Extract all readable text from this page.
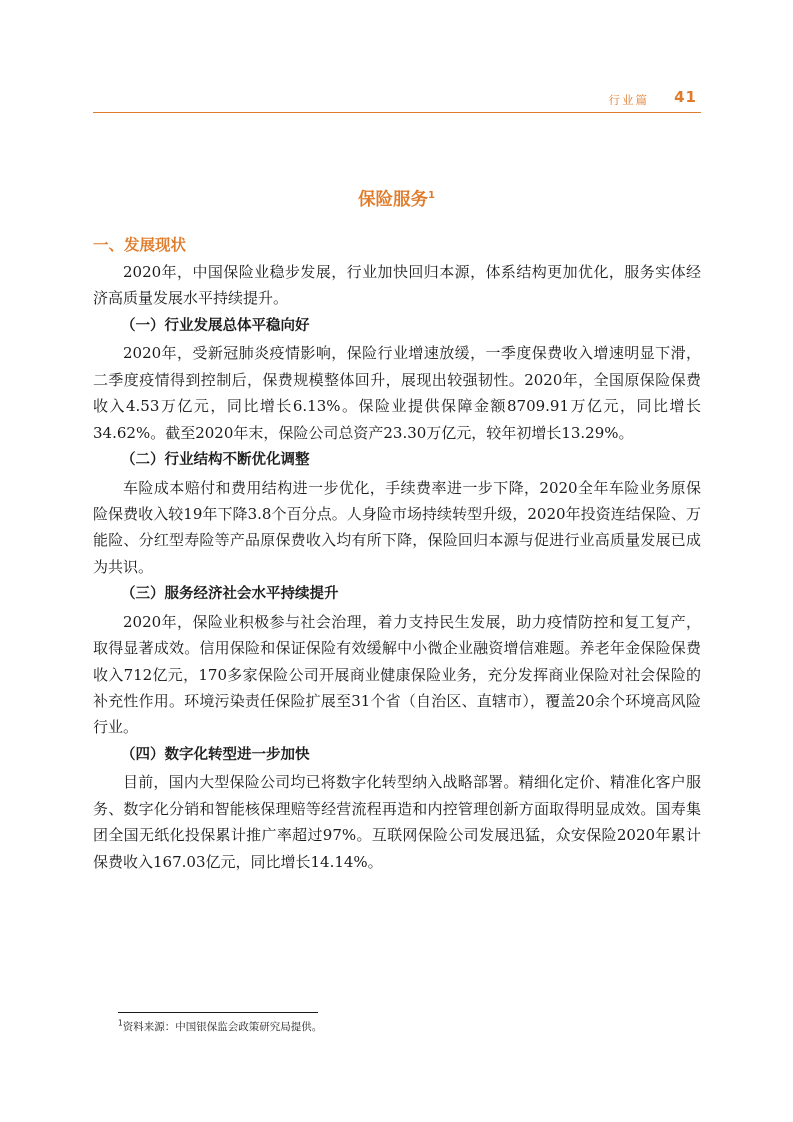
行业篇 41
保险服务$^1$
一、发展现状

2020年，中国保险业稳步发展，行业加快回归本源，体系结构更加优化，服务实体经济高质量发展水平持续提升。

（一）行业发展总体平稳向好

2020年，受新冠肺炎疫情影响，保险行业增速放缓，一季度保费收入增速明显下滑，二季度疫情得到控制后，保费规模整体回升，展现出较强韧性。2020年，全国原保险保费收入4.53万亿元，同比增长6.13%。保险业提供保障金额8709.91万亿元，同比增长34.62%。截至2020年末，保险公司总资产23.30万亿元，较年初增长13.29%。

（二）行业结构不断优化调整

车险成本赔付和费用结构进一步优化，手续费率进一步下降，2020全年车险业务原保险保费收入较19年下降3.8个百分点。人身险市场持续转型升级，2020年投资连结保险、万能险、分红型寿险等产品原保费收入均有所下降，保险回归本源与促进行业高质量发展已成为共识。

（三）服务经济社会水平持续提升

2020年，保险业积极参与社会治理，着力支持民生发展，助力疫情防控和复工复产，取得显著成效。信用保险和保证保险有效缓解中小微企业融资增信难题。养老年金保险保费收入712亿元，170多家保险公司开展商业健康保险业务，充分发挥商业保险对社会保险的补充性作用。环境污染责任保险扩展至31个省（自治区、直辖市），覆盖20余个环境高风险行业。

（四）数字化转型进一步加快

目前，国内大型保险公司均已将数字化转型纳入战略部署。精细化定价、精准化客户服务、数字化分销和智能核保理赔等经营流程再造和内控管理创新方面取得明显成效。国寿集团全国无纸化投保累计推广率超过97%。互联网保险公司发展迅猛，众安保险2020年累计保费收入167.03亿元，同比增长14.14%。

$^1$资料来源：中国银保监会政策研究局提供。
